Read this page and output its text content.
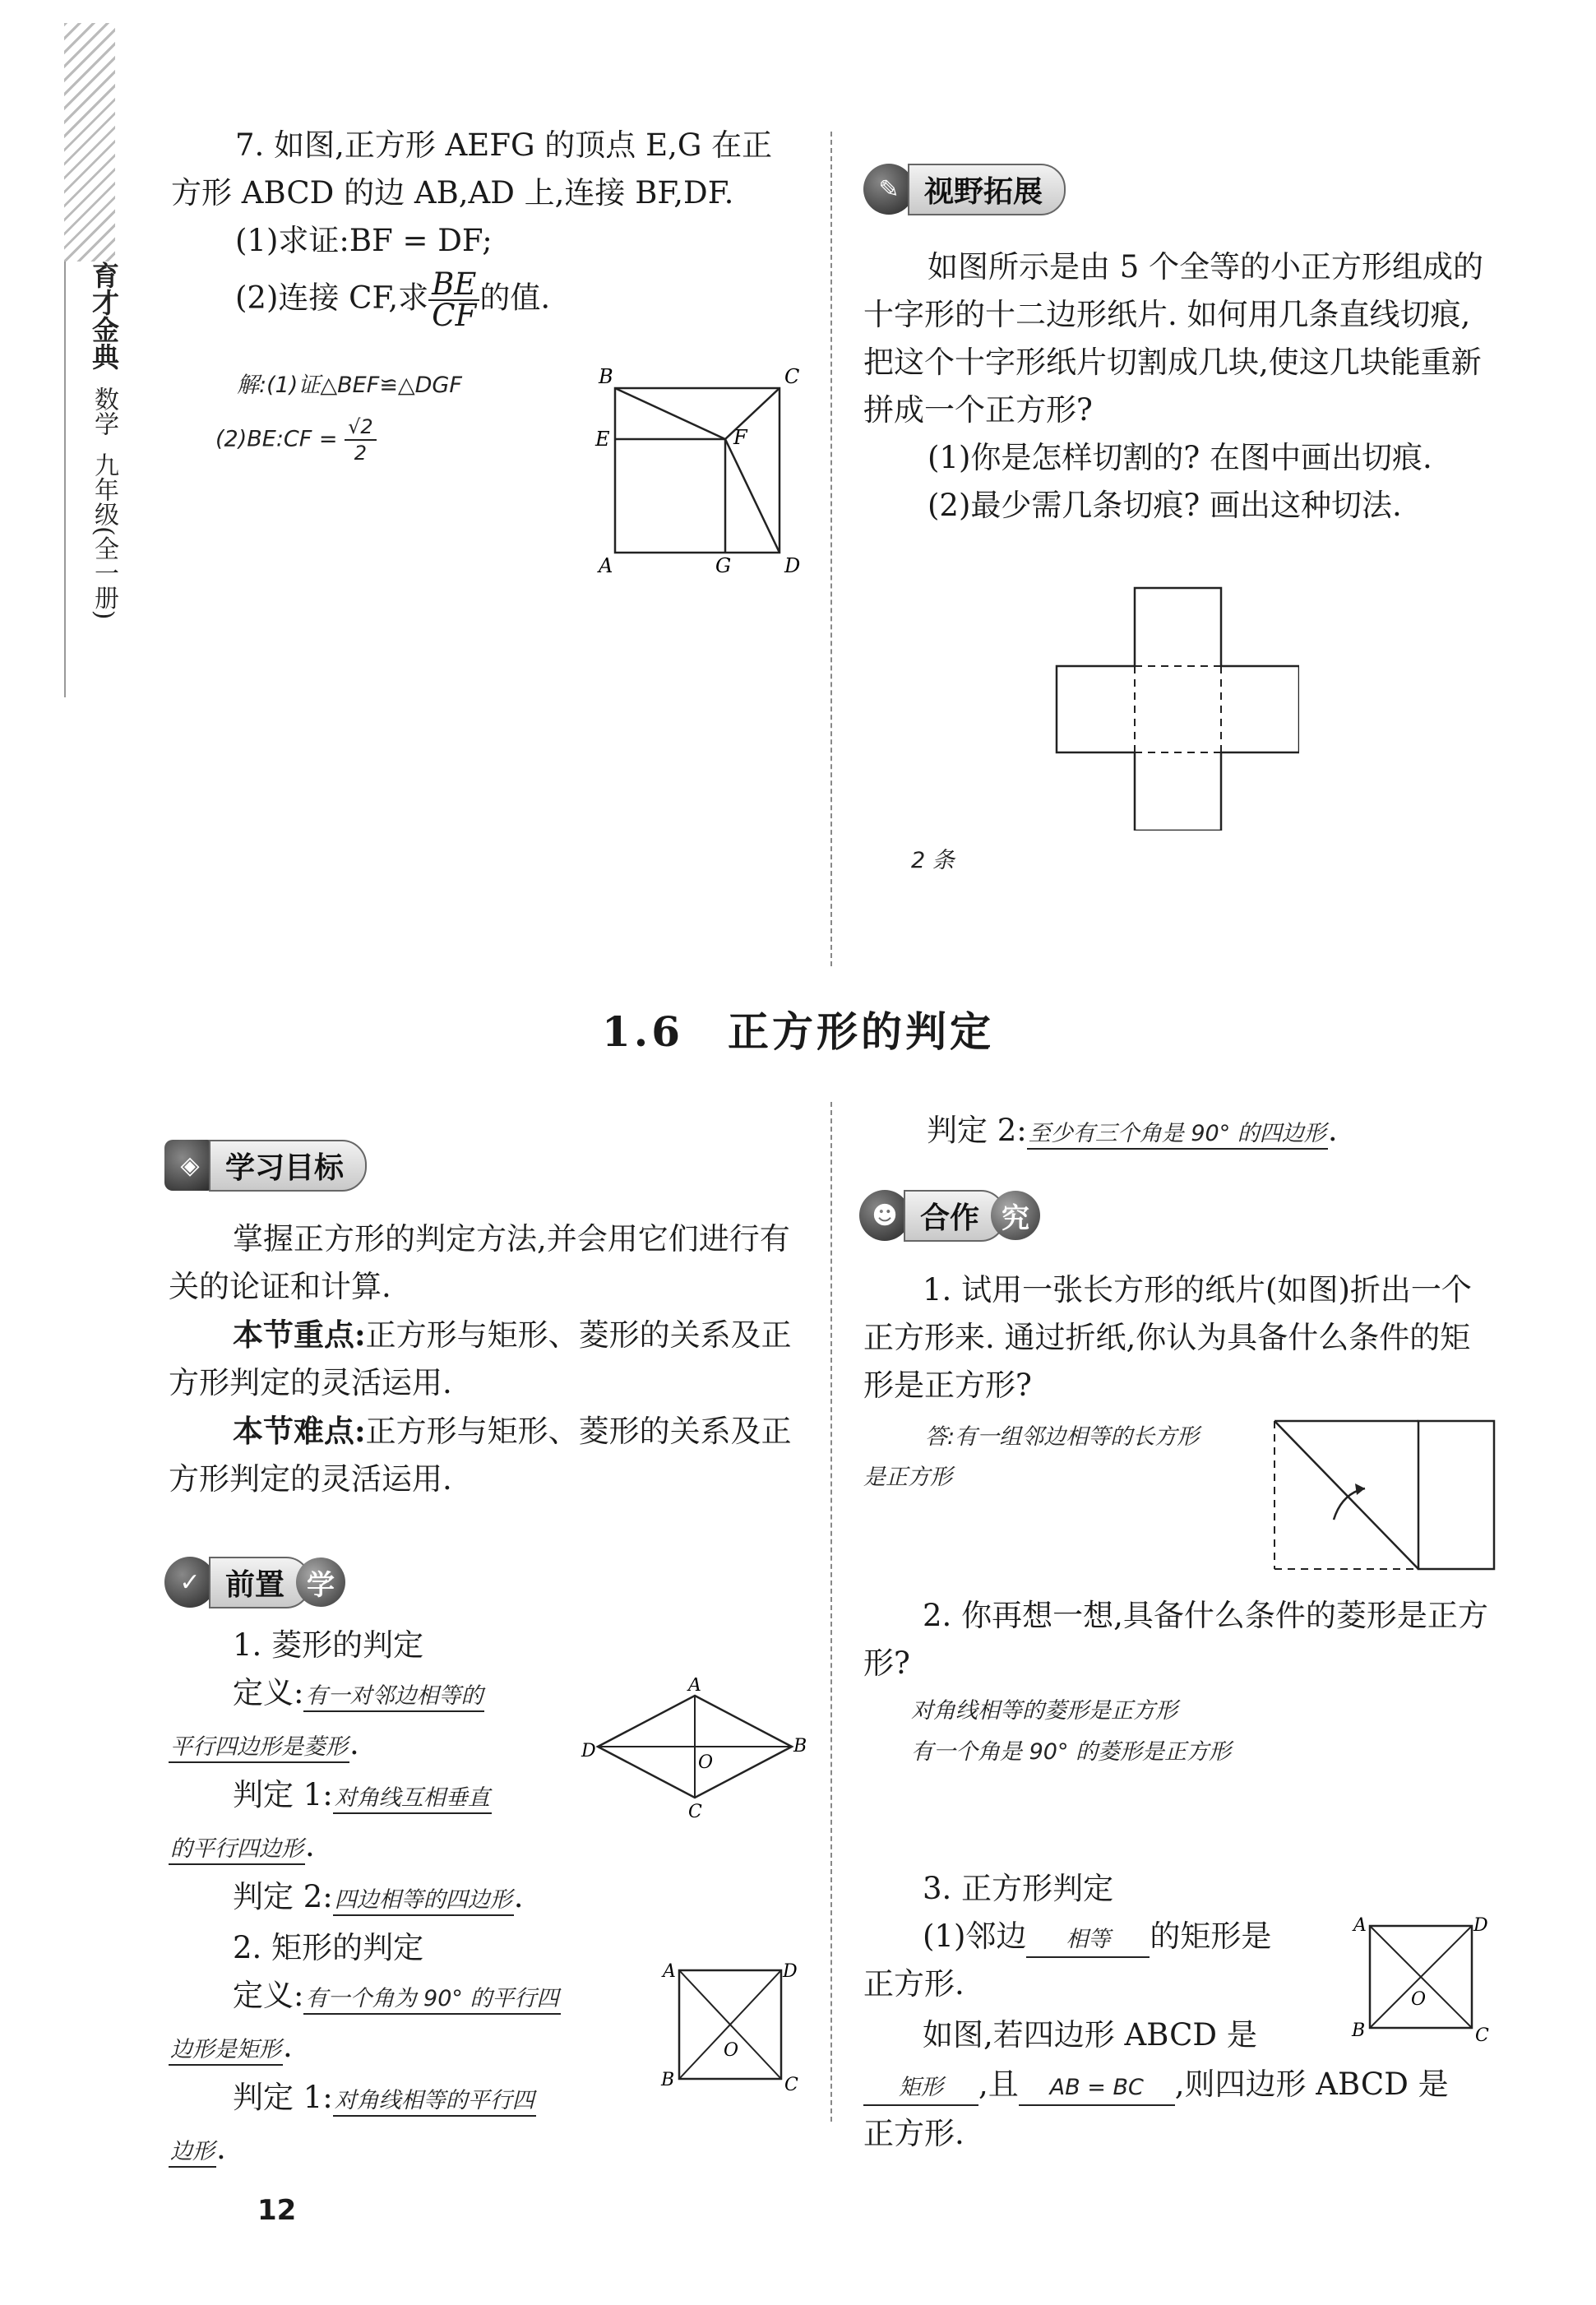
育才金典
数学
九年级(全一册)
7. 如图,正方形 AEFG 的顶点 E,G 在正
方形 ABCD 的边 AB,AD 上,连接 BF,DF.
(1)求证:BF = DF;
(2)连接 CF,求 $\frac{BE}{CF}$ 的值.
解:(1)证△BEF≌△DGF
(2)BE:CF = $\frac{√2}{2}$
B	C
E	F
A	G	D
✎ 视野拓展
如图所示是由 5 个全等的小正方形组成的十字形的十二边形纸片. 如何用几条直线切痕,把这个十字形纸片切割成几块,使这几块能重新拼成一个正方形?
(1)你是怎样切割的? 在图中画出切痕.
(2)最少需几条切痕? 画出这种切法.
2 条
1.6　正方形的判定
◈ 学习目标
掌握正方形的判定方法,并会用它们进行有关的论证和计算.
本节重点:正方形与矩形、菱形的关系及正方形判定的灵活运用.
本节难点:正方形与矩形、菱形的关系及正方形判定的灵活运用.
✓ 前置 学
1. 菱形的判定
定义:有一对邻边相等的
平行四边形是菱形.
判定 1:对角线互相垂直
的平行四边形.
判定 2:四边相等的四边形.
2. 矩形的判定
定义:有一个角为 90° 的平行四
边形是矩形.
判定 1:对角线相等的平行四
边形.
A
B
C
D
O
A	D
B	C
O
判定 2:至少有三个角是 90° 的四边形.
☻ 合作 究
1. 试用一张长方形的纸片(如图)折出一个正方形来. 通过折纸,你认为具备什么条件的矩形是正方形?
答:有一组邻边相等的长方形
是正方形
2. 你再想一想,具备什么条件的菱形是正方形?
对角线相等的菱形是正方形
有一个角是 90° 的菱形是正方形
3. 正方形判定
(1)邻边 相等 的矩形是
正方形.
如图,若四边形 ABCD 是
矩形 ,且 AB = BC ,则四边形 ABCD 是
正方形.
A	D
B	C
O
12
